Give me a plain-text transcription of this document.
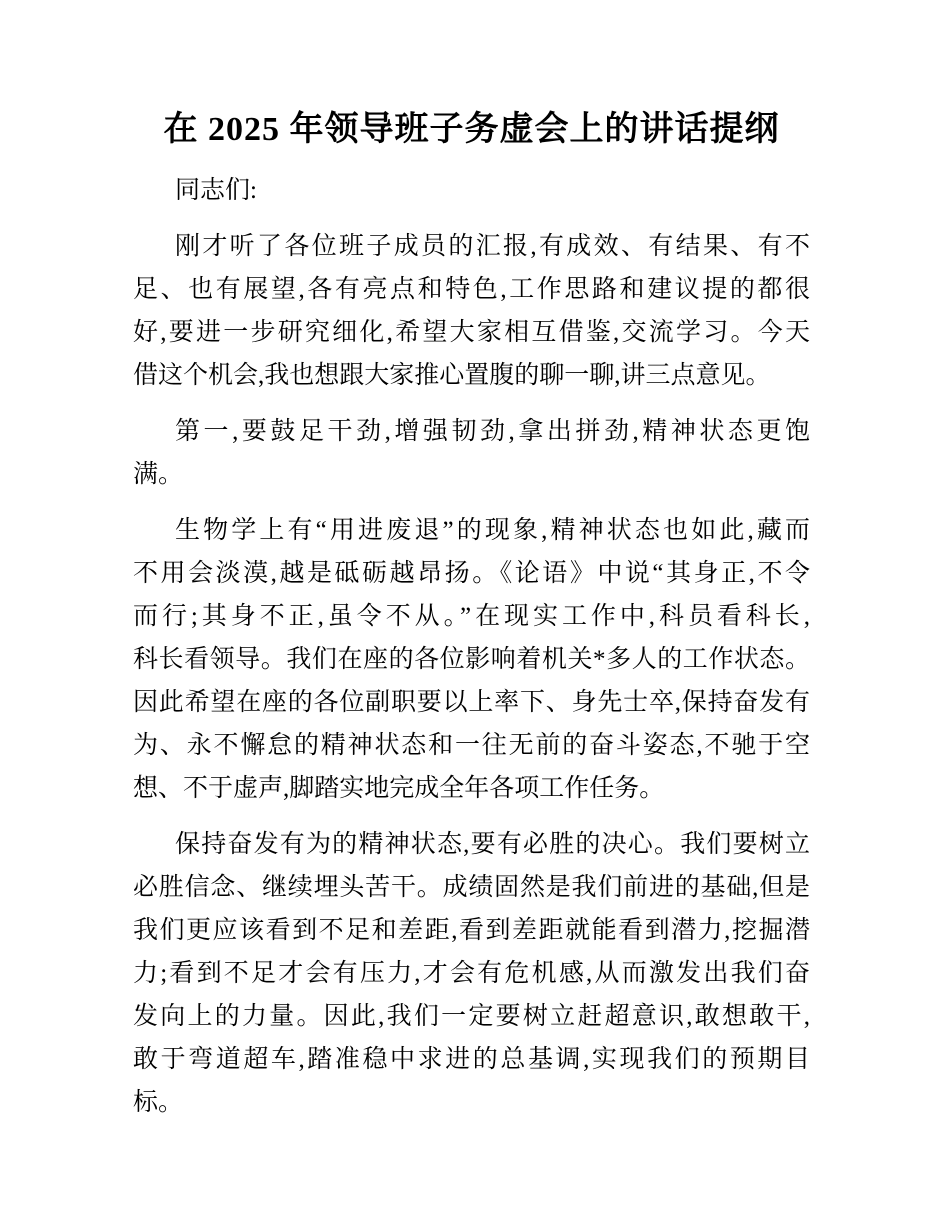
在 2025 年领导班子务虚会上的讲话提纲

同志们:

刚才听了各位班子成员的汇报,有成效、有结果、有不
足、也有展望,各有亮点和特色,工作思路和建议提的都很
好,要进一步研究细化,希望大家相互借鉴,交流学习。今天
借这个机会,我也想跟大家推心置腹的聊一聊,讲三点意见。

第一,要鼓足干劲,增强韧劲,拿出拼劲,精神状态更饱
满。

生物学上有“用进废退”的现象,精神状态也如此,藏而
不用会淡漠,越是砥砺越昂扬。《论语》中说“其身正,不令
而行;其身不正,虽令不从。”在现实工作中,科员看科长,
科长看领导。我们在座的各位影响着机关*多人的工作状态。
因此希望在座的各位副职要以上率下、身先士卒,保持奋发有
为、永不懈怠的精神状态和一往无前的奋斗姿态,不驰于空
想、不于虚声,脚踏实地完成全年各项工作任务。

保持奋发有为的精神状态,要有必胜的决心。我们要树立
必胜信念、继续埋头苦干。成绩固然是我们前进的基础,但是
我们更应该看到不足和差距,看到差距就能看到潜力,挖掘潜
力;看到不足才会有压力,才会有危机感,从而激发出我们奋
发向上的力量。因此,我们一定要树立赶超意识,敢想敢干,
敢于弯道超车,踏准稳中求进的总基调,实现我们的预期目
标。
